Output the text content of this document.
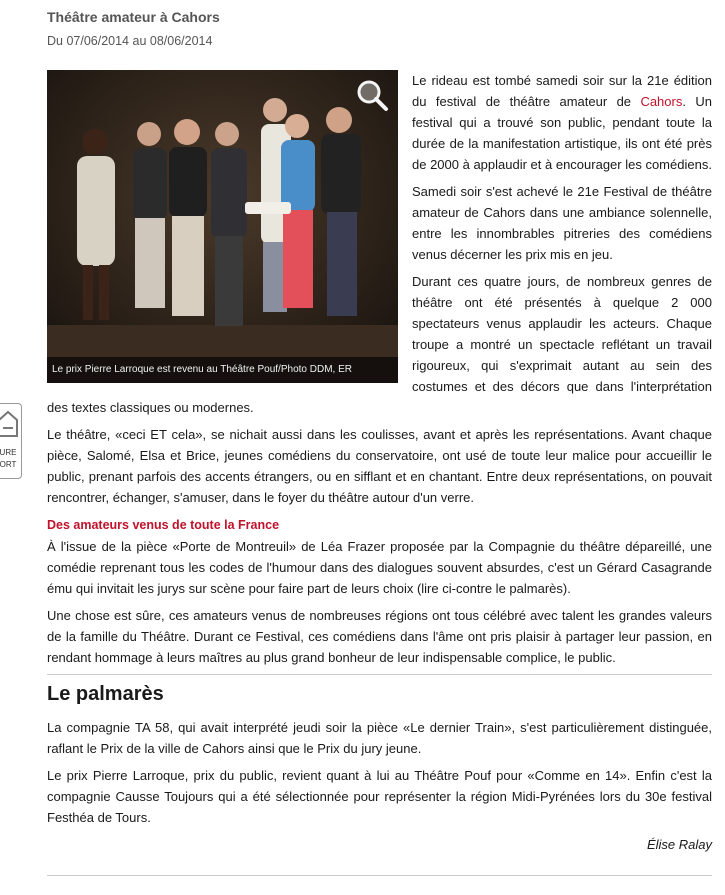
URE
ORT
Théâtre amateur à Cahors
Du 07/06/2014 au 08/06/2014
Le prix Pierre Larroque est revenu au Théâtre Pouf/Photo DDM, ER

Le rideau est tombé samedi soir sur la 21e édition du festival de théâtre amateur de Cahors. Un festival qui a trouvé son public, pendant toute la durée de la manifestation artistique, ils ont été près de 2000 à applaudir et à encourager les comédiens.

Samedi soir s'est achevé le 21e Festival de théâtre amateur de Cahors dans une ambiance solennelle, entre les innombrables pitreries des comédiens venus décerner les prix mis en jeu.

Durant ces quatre jours, de nombreux genres de théâtre ont été présentés à quelque 2 000 spectateurs venus applaudir les acteurs. Chaque troupe a montré un spectacle reflétant un travail rigoureux, qui s'exprimait autant au sein des costumes et des décors que dans l'interprétation des textes classiques ou modernes.

Le théâtre, «ceci ET cela», se nichait aussi dans les coulisses, avant et après les représentations. Avant chaque pièce, Salomé, Elsa et Brice, jeunes comédiens du conservatoire, ont usé de toute leur malice pour accueillir le public, prenant parfois des accents étrangers, ou en sifflant et en chantant. Entre deux représentations, on pouvait rencontrer, échanger, s'amuser, dans le foyer du théâtre autour d'un verre.

Des amateurs venus de toute la France

À l'issue de la pièce «Porte de Montreuil» de Léa Frazer proposée par la Compagnie du théâtre dépareillé, une comédie reprenant tous les codes de l'humour dans des dialogues souvent absurdes, c'est un Gérard Casagrande ému qui invitait les jurys sur scène pour faire part de leurs choix (lire ci-contre le palmarès).

Une chose est sûre, ces amateurs venus de nombreuses régions ont tous célébré avec talent les grandes valeurs de la famille du Théâtre. Durant ce Festival, ces comédiens dans l'âme ont pris plaisir à partager leur passion, en rendant hommage à leurs maîtres au plus grand bonheur de leur indispensable complice, le public.

Le palmarès

La compagnie TA 58, qui avait interprété jeudi soir la pièce «Le dernier Train», s'est particulièrement distinguée, raflant le Prix de la ville de Cahors ainsi que le Prix du jury jeune.

Le prix Pierre Larroque, prix du public, revient quant à lui au Théâtre Pouf pour «Comme en 14». Enfin c'est la compagnie Causse Toujours qui a été sélectionnée pour représenter la région Midi-Pyrénées lors du 30e festival Festhéa de Tours.

Élise Ralay
